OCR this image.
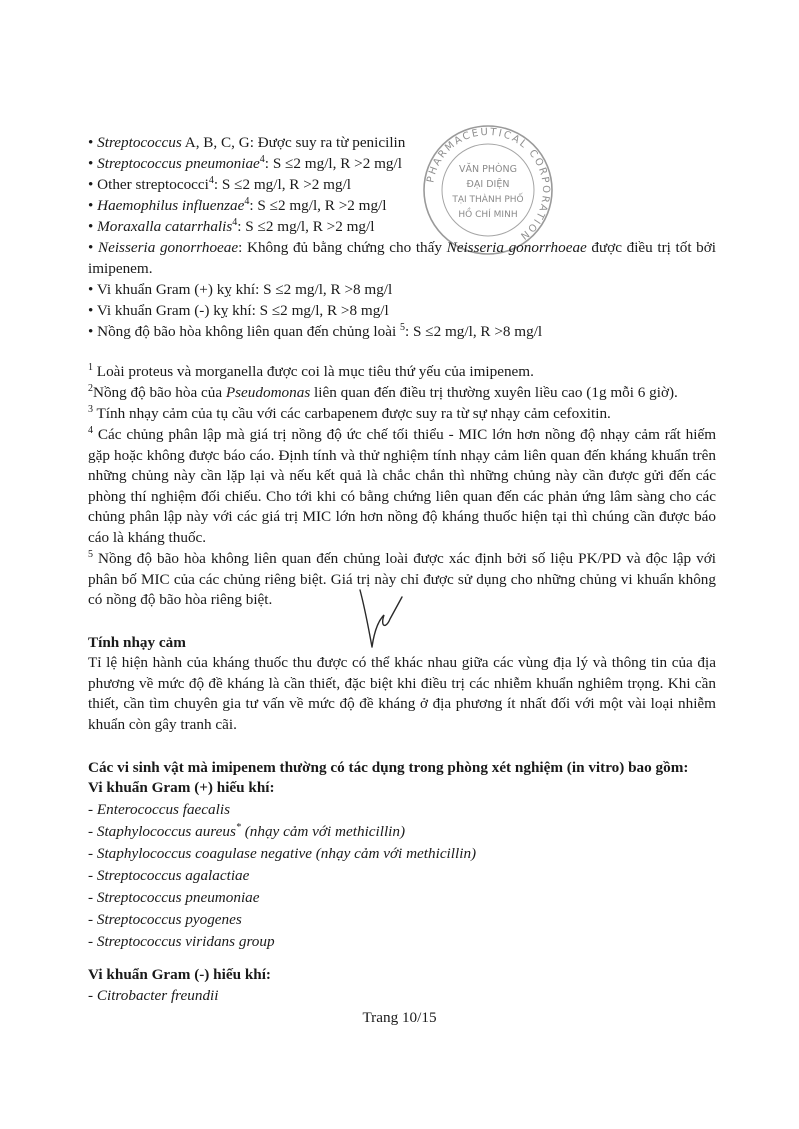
PHARMACEUTICAL CORPORATION
VĂN PHÒNG
ĐẠI DIỆN
TẠI THÀNH PHỐ
HỒ CHÍ MINH
• Streptococcus A, B, C, G: Được suy ra từ penicilin
• Streptococcus pneumoniae$^4$: S ≤2 mg/l, R >2 mg/l
• Other streptococci$^4$: S ≤2 mg/l, R >2 mg/l
• Haemophilus influenzae$^4$: S ≤2 mg/l, R >2 mg/l
• Moraxalla catarrhalis$^4$: S ≤2 mg/l, R >2 mg/l
• Neisseria gonorrhoeae: Không đủ bằng chứng cho thấy Neisseria gonorrhoeae được điều trị tốt bởi imipenem.
• Vi khuẩn Gram (+) kỵ khí: S ≤2 mg/l, R >8 mg/l
• Vi khuẩn Gram (-) kỵ khí: S ≤2 mg/l, R >8 mg/l
• Nồng độ bão hòa không liên quan đến chủng loài $^5$: S ≤2 mg/l, R >8 mg/l
$^1$ Loài proteus và morganella được coi là mục tiêu thứ yếu của imipenem.
$^2$Nồng độ bão hòa của Pseudomonas liên quan đến điều trị thường xuyên liều cao (1g mỗi 6 giờ).
$^3$ Tính nhạy cảm của tụ cầu với các carbapenem được suy ra từ sự nhạy cảm cefoxitin.
$^4$ Các chủng phân lập mà giá trị nồng độ ức chế tối thiểu - MIC lớn hơn nồng độ nhạy cảm rất hiếm gặp hoặc không được báo cáo. Định tính và thử nghiệm tính nhạy cảm liên quan đến kháng khuẩn trên những chủng này cần lặp lại và nếu kết quả là chắc chắn thì những chủng này cần được gửi đến các phòng thí nghiệm đối chiếu. Cho tới khi có bằng chứng liên quan đến các phản ứng lâm sàng cho các chủng phân lập này với các giá trị MIC lớn hơn nồng độ kháng thuốc hiện tại thì chúng cần được báo cáo là kháng thuốc.
$^5$ Nồng độ bão hòa không liên quan đến chủng loài được xác định bởi số liệu PK/PD và độc lập với phân bố MIC của các chủng riêng biệt. Giá trị này chỉ được sử dụng cho những chủng vi khuẩn không có nồng độ bão hòa riêng biệt.
Tính nhạy cảm
Tỉ lệ hiện hành của kháng thuốc thu được có thể khác nhau giữa các vùng địa lý và thông tin của địa phương về mức độ đề kháng là cần thiết, đặc biệt khi điều trị các nhiễm khuẩn nghiêm trọng. Khi cần thiết, cần tìm chuyên gia tư vấn về mức độ đề kháng ở địa phương ít nhất đối với một vài loại nhiễm khuẩn còn gây tranh cãi.
Các vi sinh vật mà imipenem thường có tác dụng trong phòng xét nghiệm (in vitro) bao gồm:
Vi khuẩn Gram (+) hiếu khí:
- Enterococcus faecalis
- Staphylococcus aureus* (nhạy cảm với methicillin)
- Staphylococcus coagulase negative (nhạy cảm với methicillin)
- Streptococcus agalactiae
- Streptococcus pneumoniae
- Streptococcus pyogenes
- Streptococcus viridans group
Vi khuẩn Gram (-) hiếu khí:
- Citrobacter freundii
Trang 10/15
